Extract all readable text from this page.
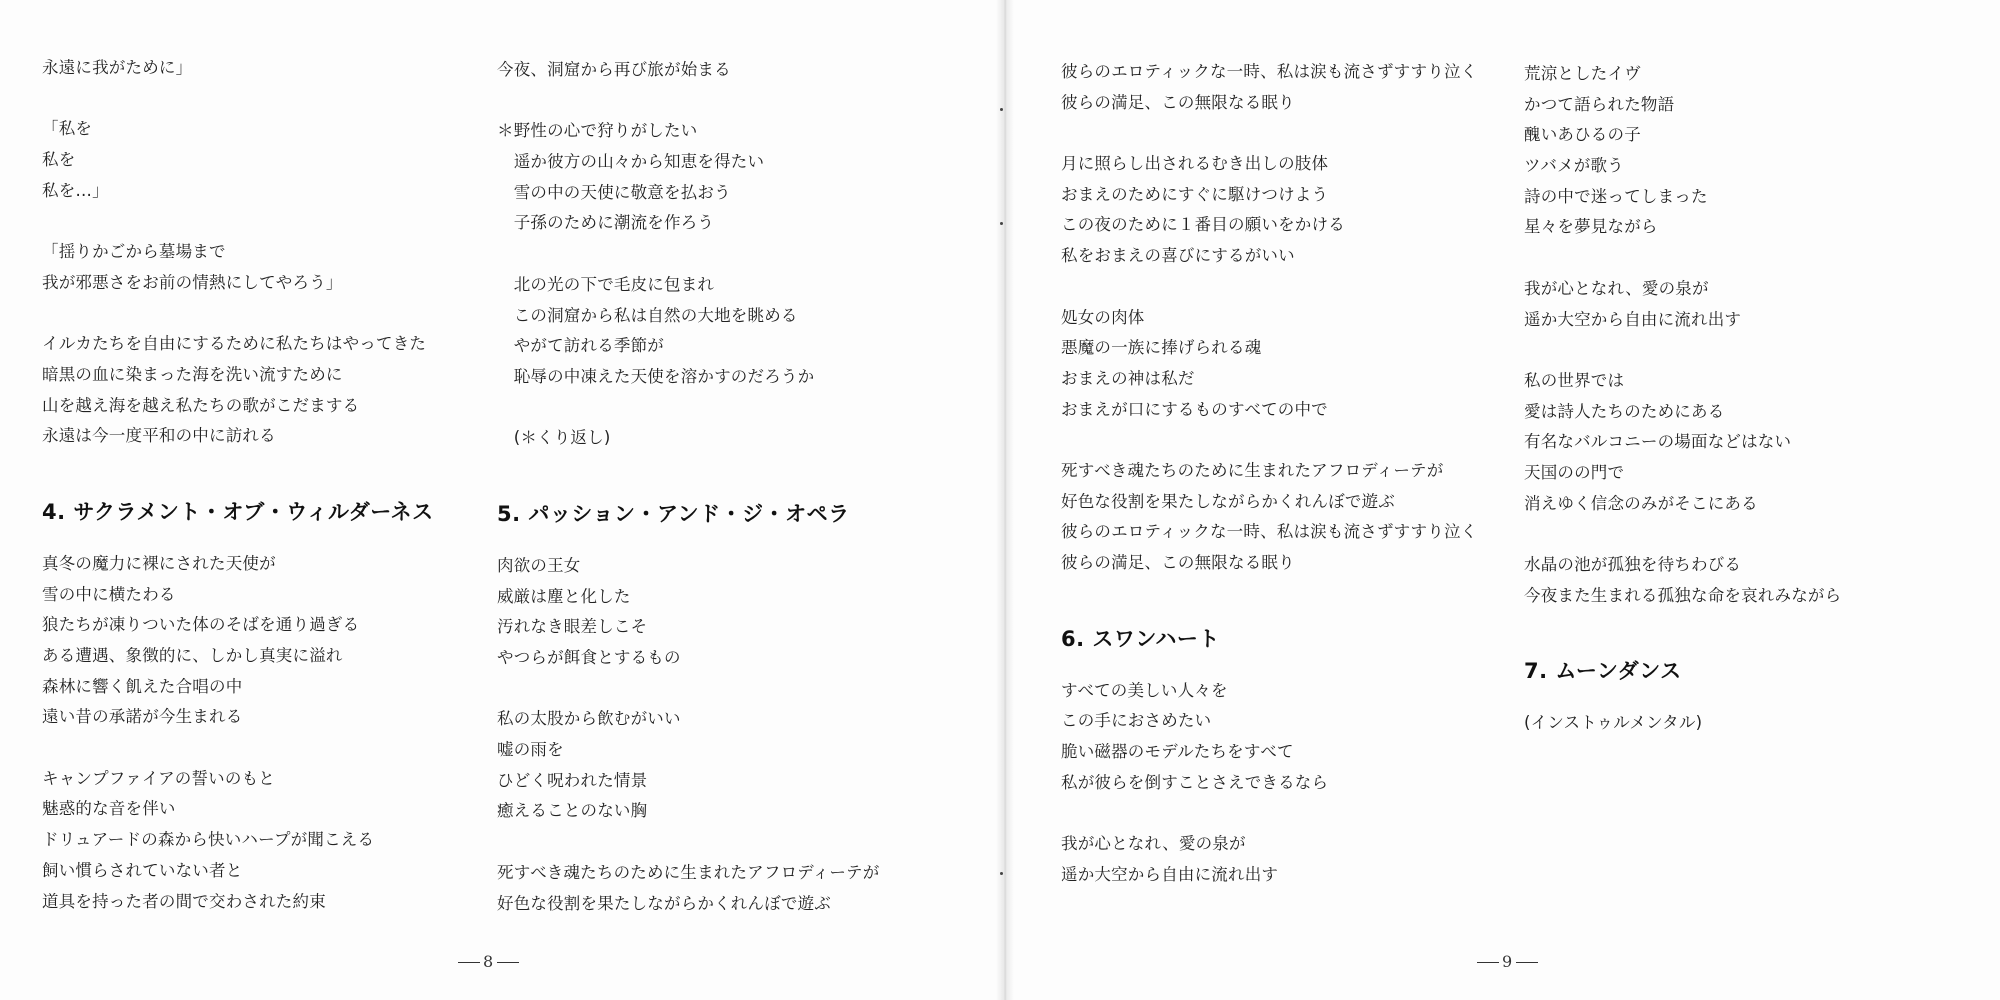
永遠に我がために」
「私を
私を
私を…」
「揺りかごから墓場まで
我が邪悪さをお前の情熱にしてやろう」
イルカたちを自由にするために私たちはやってきた
暗黒の血に染まった海を洗い流すために
山を越え海を越え私たちの歌がこだまする
永遠は今一度平和の中に訪れる
4. サクラメント・オブ・ウィルダーネス
真冬の魔力に裸にされた天使が
雪の中に横たわる
狼たちが凍りついた体のそばを通り過ぎる
ある遭遇、象徴的に、しかし真実に溢れ
森林に響く飢えた合唱の中
遠い昔の承諾が今生まれる
キャンプファイアの誓いのもと
魅惑的な音を伴い
ドリュアードの森から快いハープが聞こえる
飼い慣らされていない者と
道具を持った者の間で交わされた約束
今夜、洞窟から再び旅が始まる
＊野性の心で狩りがしたい
　遥か彼方の山々から知恵を得たい
　雪の中の天使に敬意を払おう
　子孫のために潮流を作ろう
　北の光の下で毛皮に包まれ
　この洞窟から私は自然の大地を眺める
　やがて訪れる季節が
　恥辱の中凍えた天使を溶かすのだろうか
　(＊くり返し)
5. パッション・アンド・ジ・オペラ
肉欲の王女
威厳は塵と化した
汚れなき眼差しこそ
やつらが餌食とするもの
私の太股から飲むがいい
嘘の雨を
ひどく呪われた情景
癒えることのない胸
死すべき魂たちのために生まれたアフロディーテが
好色な役割を果たしながらかくれんぼで遊ぶ
8
彼らのエロティックな一時、私は涙も流さずすすり泣く
彼らの満足、この無限なる眠り
月に照らし出されるむき出しの肢体
おまえのためにすぐに駆けつけよう
この夜のために１番目の願いをかける
私をおまえの喜びにするがいい
処女の肉体
悪魔の一族に捧げられる魂
おまえの神は私だ
おまえが口にするものすべての中で
死すべき魂たちのために生まれたアフロディーテが
好色な役割を果たしながらかくれんぼで遊ぶ
彼らのエロティックな一時、私は涙も流さずすすり泣く
彼らの満足、この無限なる眠り
6. スワンハート
すべての美しい人々を
この手におさめたい
脆い磁器のモデルたちをすべて
私が彼らを倒すことさえできるなら
我が心となれ、愛の泉が
遥か大空から自由に流れ出す
荒涼としたイヴ
かつて語られた物語
醜いあひるの子
ツバメが歌う
詩の中で迷ってしまった
星々を夢見ながら
我が心となれ、愛の泉が
遥か大空から自由に流れ出す
私の世界では
愛は詩人たちのためにある
有名なバルコニーの場面などはない
天国のの門で
消えゆく信念のみがそこにある
水晶の池が孤独を待ちわびる
今夜また生まれる孤独な命を哀れみながら
7. ムーンダンス
(インストゥルメンタル)
9
